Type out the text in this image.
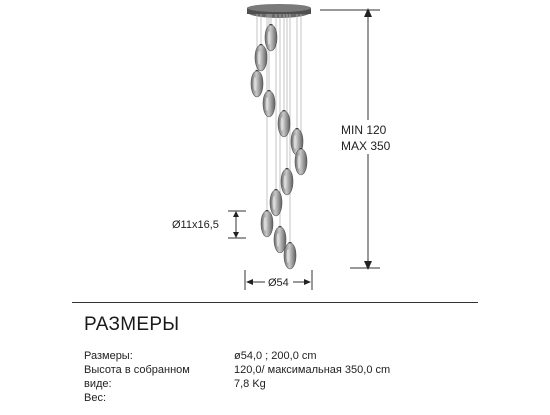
MIN 120
MAX 350
Ø11x16,5
Ø54
РАЗМЕРЫ
Размеры:
Высота в собранном
виде:
Вес:
ø54,0 ; 200,0 cm
120,0/ максимальная 350,0 cm
7,8 Kg
